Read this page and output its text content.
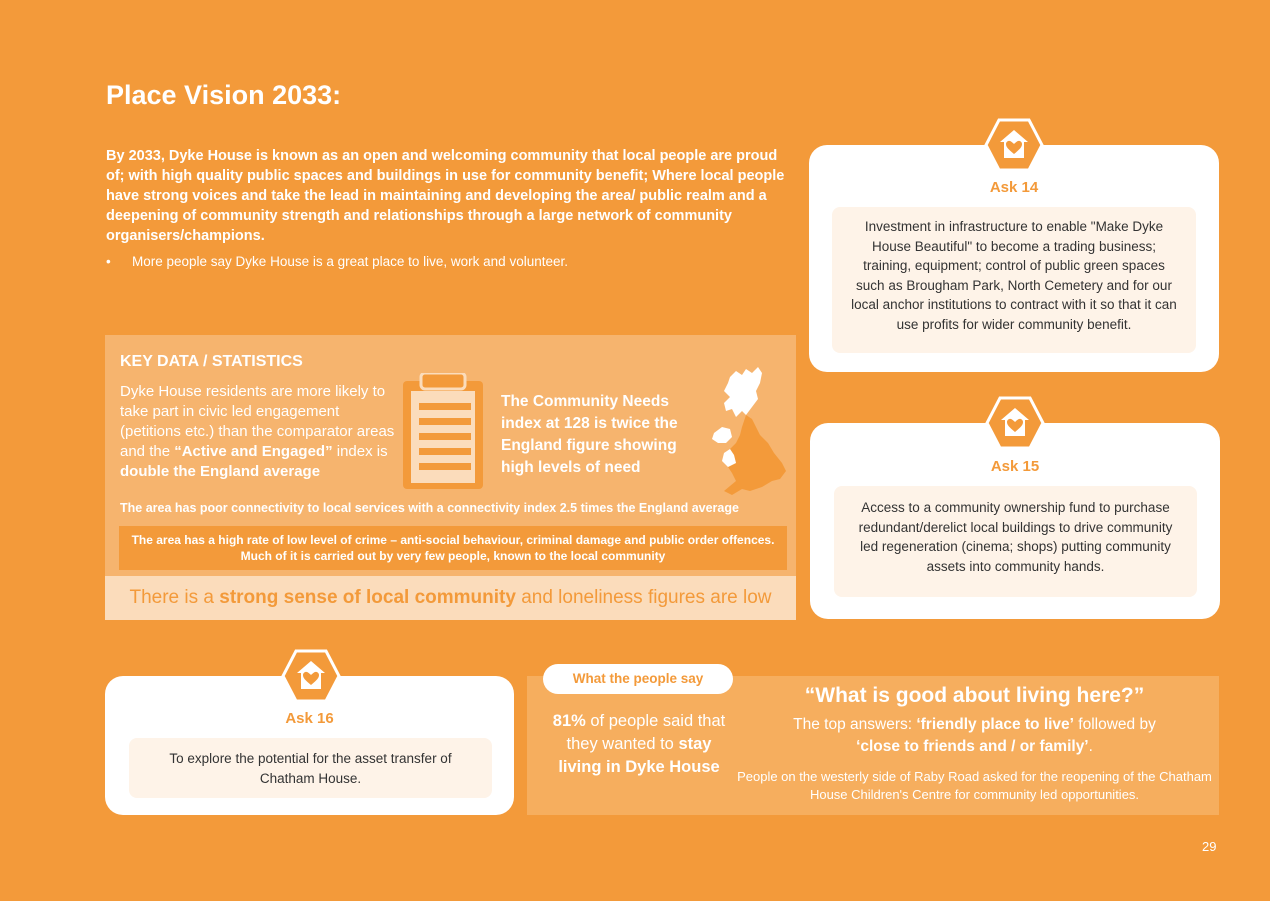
Place Vision 2033:
By 2033, Dyke House is known as an open and welcoming community that local people are proud of; with high quality public spaces and buildings in use for community benefit; Where local people have strong voices and take the lead in maintaining and developing the area/ public realm and a deepening of community strength and relationships through a large network of community organisers/champions.
• More people say Dyke House is a great place to live, work and volunteer.
KEY DATA / STATISTICS
Dyke House residents are more likely to take part in civic led engagement (petitions etc.) than the comparator areas and the “Active and Engaged” index is double the England average
The Community Needs index at 128 is twice the England figure showing high levels of need
The area has poor connectivity to local services with a connectivity index 2.5 times the England average
The area has a high rate of low level of crime – anti-social behaviour, criminal damage and public order offences. Much of it is carried out by very few people, known to the local community
There is a strong sense of local community and loneliness figures are low
Ask 14
Investment in infrastructure to enable "Make Dyke House Beautiful" to become a trading business; training, equipment; control of public green spaces such as Brougham Park, North Cemetery and for our local anchor institutions to contract with it so that it can use profits for wider community benefit.
Ask 15
Access to a community ownership fund to purchase redundant/derelict local buildings to drive community led regeneration (cinema; shops) putting community assets into community hands.
Ask 16
To explore the potential for the asset transfer of Chatham House.
What the people say
81% of people said that they wanted to stay living in Dyke House
“What is good about living here?”
The top answers: ‘friendly place to live’ followed by
‘close to friends and / or family’.
People on the westerly side of Raby Road asked for the reopening of the Chatham House Children's Centre for community led opportunities.
29
